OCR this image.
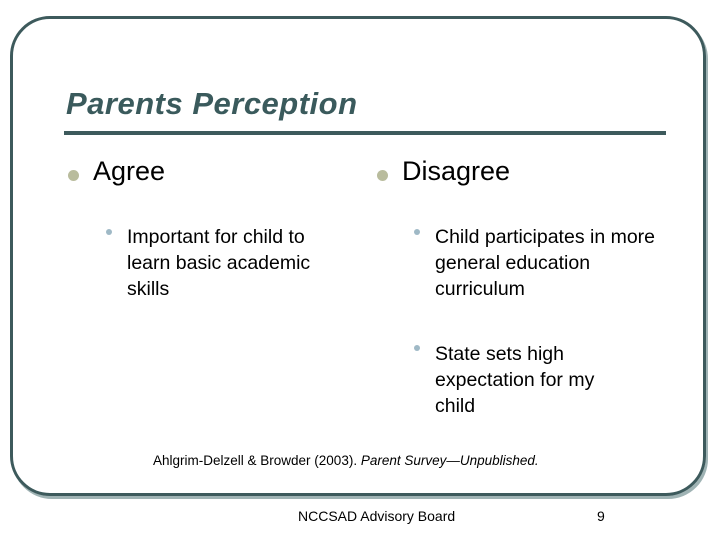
Parents Perception
Agree
Important for child to learn basic academic skills
Disagree
Child participates in more general education curriculum
State sets high expectation for my child
Ahlgrim-Delzell & Browder (2003). Parent Survey—Unpublished.
NCCSAD Advisory Board	9
